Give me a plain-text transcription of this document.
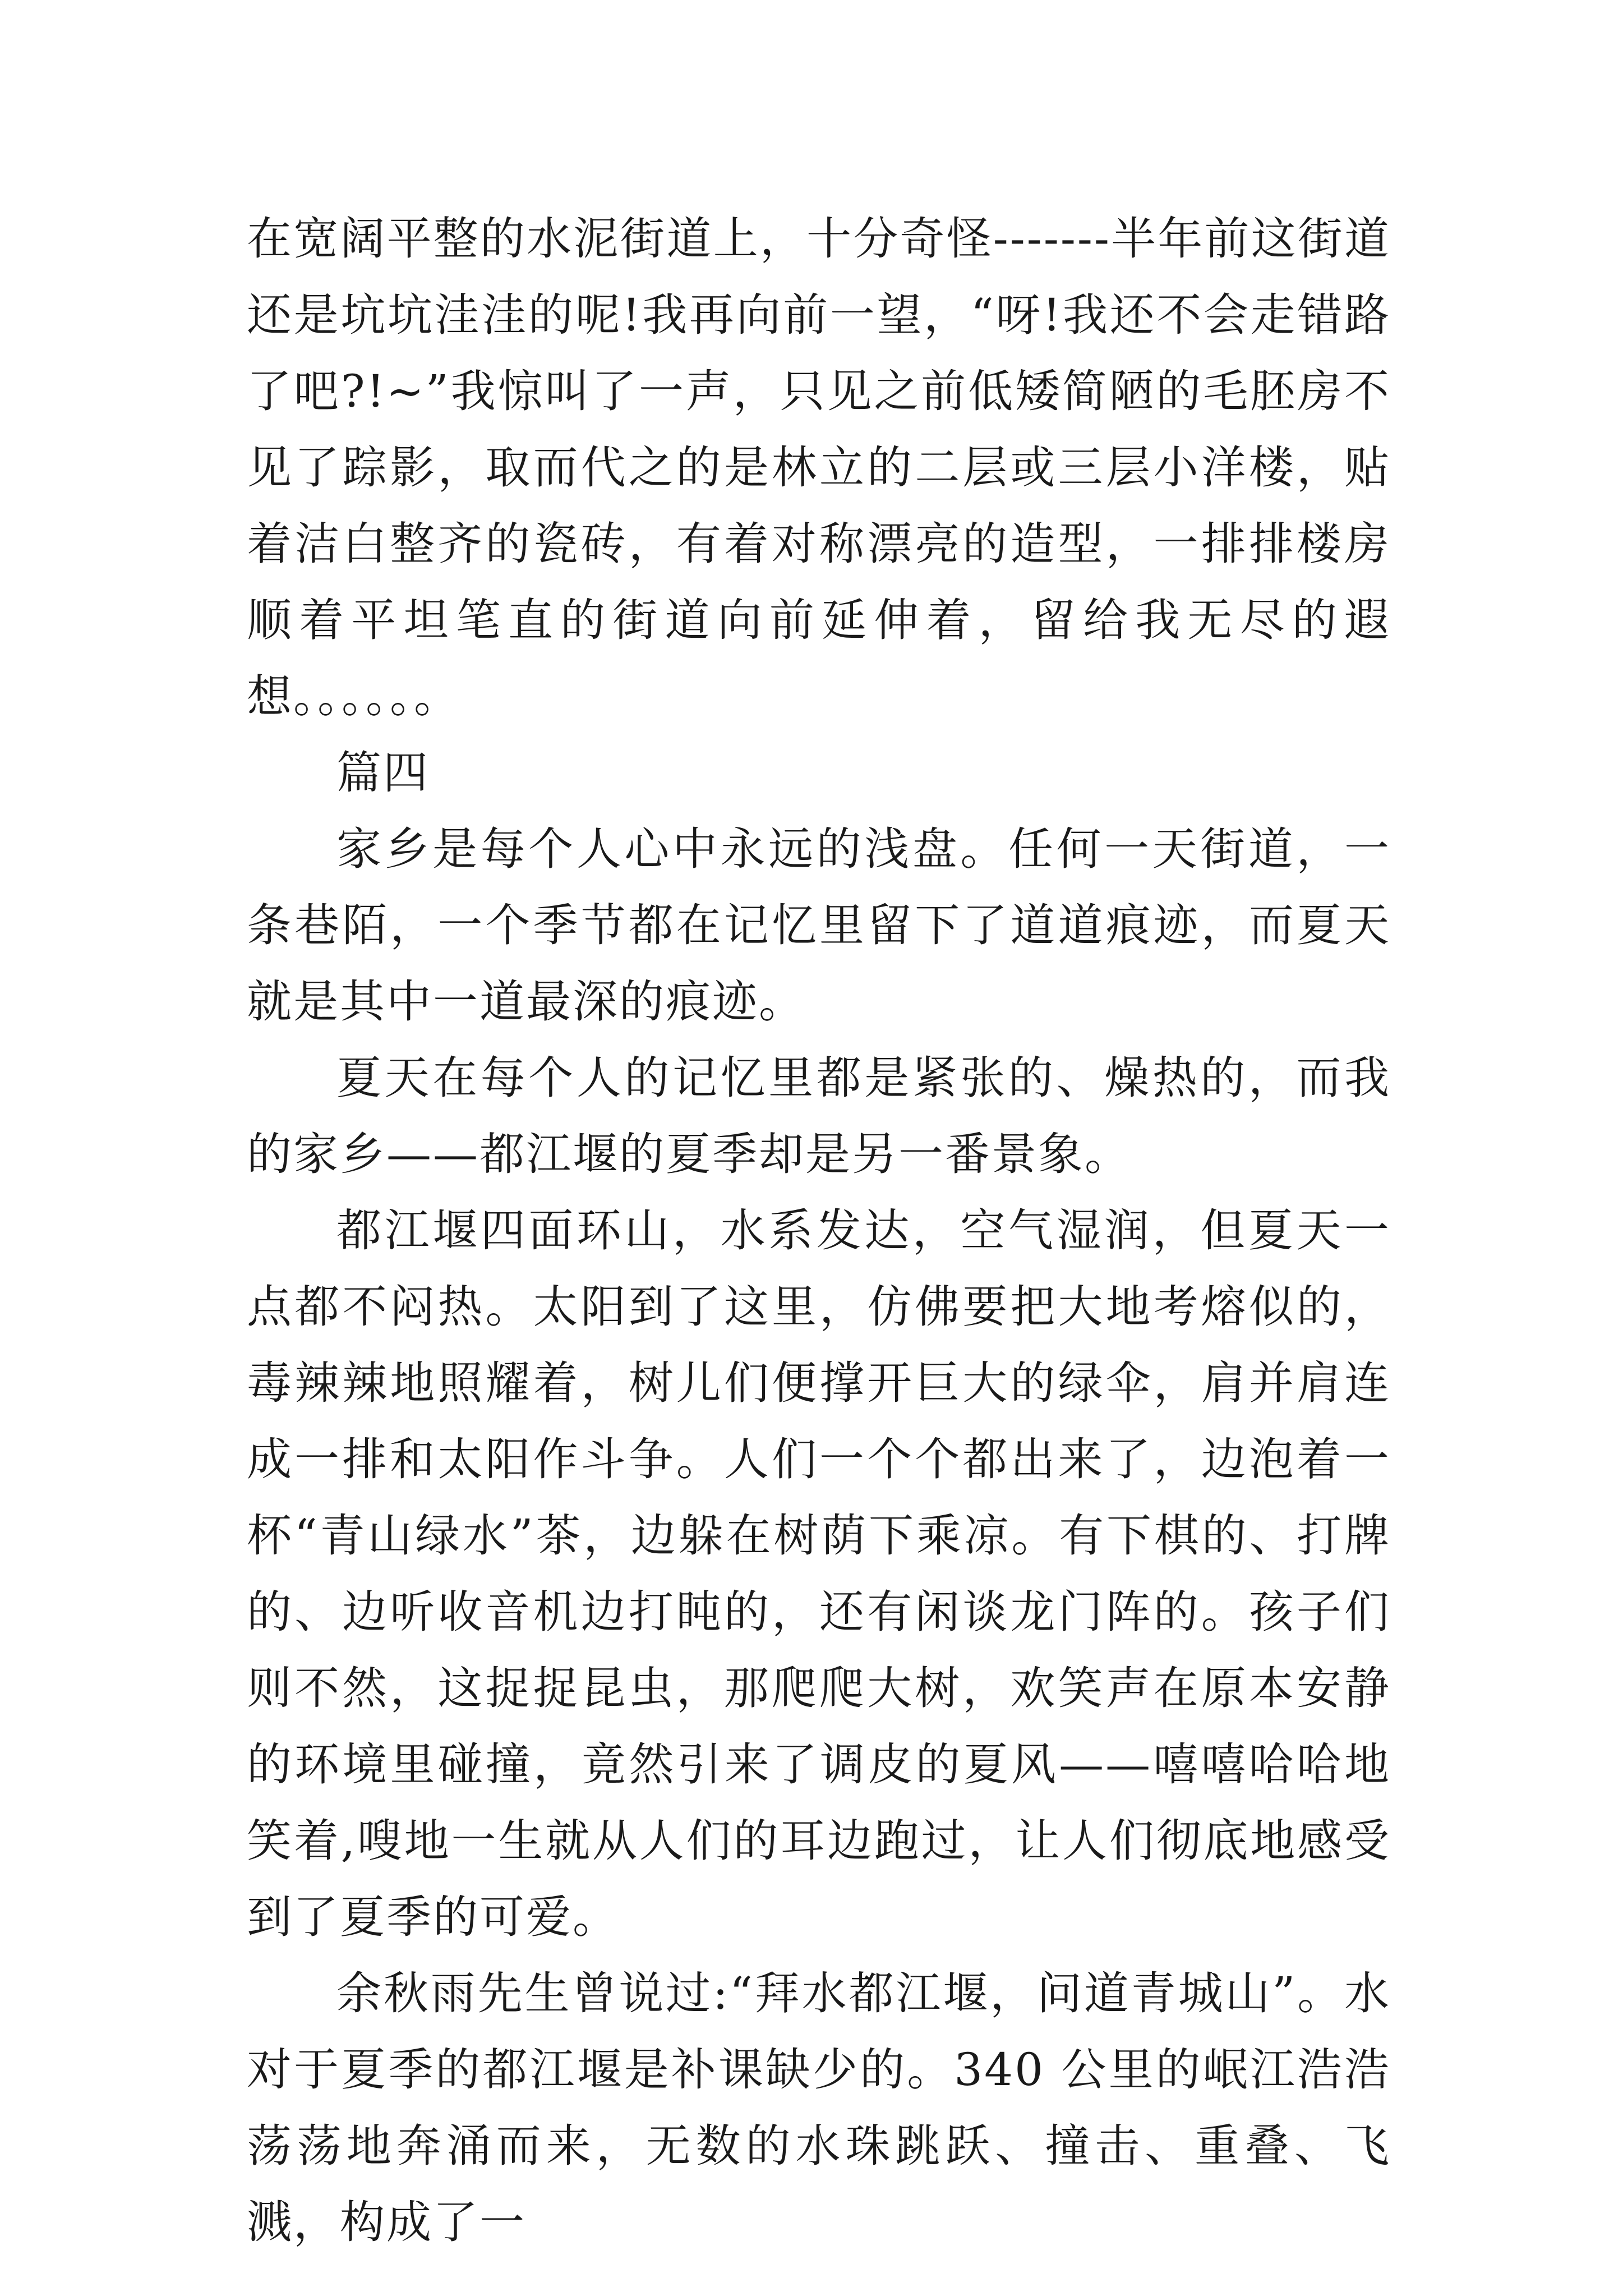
在宽阔平整的水泥街道上，十分奇怪-------半年前这街道还是坑坑洼洼的呢!我再向前一望，“呀!我还不会走错路了吧?!~”我惊叫了一声，只见之前低矮简陋的毛胚房不见了踪影，取而代之的是林立的二层或三层小洋楼，贴着洁白整齐的瓷砖，有着对称漂亮的造型，一排排楼房顺着平坦笔直的街道向前延伸着，留给我无尽的遐想。。。。。。

篇四

家乡是每个人心中永远的浅盘。任何一天街道，一条巷陌，一个季节都在记忆里留下了道道痕迹，而夏天就是其中一道最深的痕迹。

夏天在每个人的记忆里都是紧张的、燥热的，而我的家乡——都江堰的夏季却是另一番景象。

都江堰四面环山，水系发达，空气湿润，但夏天一点都不闷热。太阳到了这里，仿佛要把大地考熔似的，毒辣辣地照耀着，树儿们便撑开巨大的绿伞，肩并肩连成一排和太阳作斗争。人们一个个都出来了，边泡着一杯“青山绿水”茶，边躲在树荫下乘凉。有下棋的、打牌的、边听收音机边打盹的，还有闲谈龙门阵的。孩子们则不然，这捉捉昆虫，那爬爬大树，欢笑声在原本安静的环境里碰撞，竟然引来了调皮的夏风——嘻嘻哈哈地笑着,嗖地一生就从人们的耳边跑过，让人们彻底地感受到了夏季的可爱。

余秋雨先生曾说过:“拜水都江堰，问道青城山”。水对于夏季的都江堰是补课缺少的。340 公里的岷江浩浩荡荡地奔涌而来，无数的水珠跳跃、撞击、重叠、飞溅，构成了一
